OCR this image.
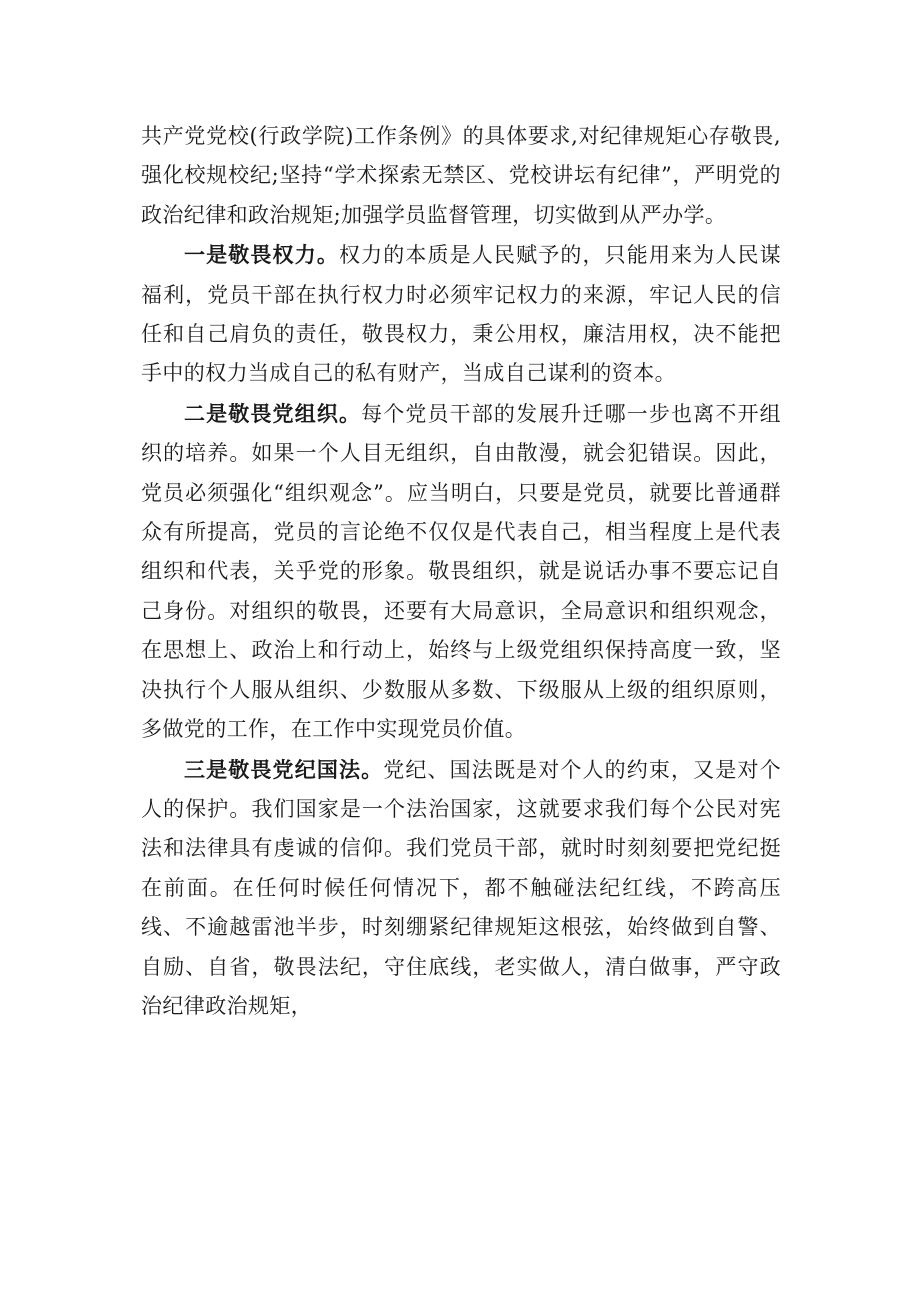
共产党党校(行政学院)工作条例》的具体要求,对纪律规矩心存敬畏,强化校规校纪;坚持“学术探索无禁区、党校讲坛有纪律”，严明党的政治纪律和政治规矩;加强学员监督管理，切实做到从严办学。

一是敬畏权力。权力的本质是人民赋予的，只能用来为人民谋福利，党员干部在执行权力时必须牢记权力的来源，牢记人民的信任和自己肩负的责任，敬畏权力，秉公用权，廉洁用权，决不能把手中的权力当成自己的私有财产，当成自己谋利的资本。

二是敬畏党组织。每个党员干部的发展升迁哪一步也离不开组织的培养。如果一个人目无组织，自由散漫，就会犯错误。因此，党员必须强化“组织观念”。应当明白，只要是党员，就要比普通群众有所提高，党员的言论绝不仅仅是代表自己，相当程度上是代表组织和代表，关乎党的形象。敬畏组织，就是说话办事不要忘记自己身份。对组织的敬畏，还要有大局意识，全局意识和组织观念，在思想上、政治上和行动上，始终与上级党组织保持高度一致，坚决执行个人服从组织、少数服从多数、下级服从上级的组织原则，多做党的工作，在工作中实现党员价值。

三是敬畏党纪国法。党纪、国法既是对个人的约束，又是对个人的保护。我们国家是一个法治国家，这就要求我们每个公民对宪法和法律具有虔诚的信仰。我们党员干部，就时时刻刻要把党纪挺在前面。在任何时候任何情况下，都不触碰法纪红线，不跨高压线、不逾越雷池半步，时刻绷紧纪律规矩这根弦，始终做到自警、自励、自省，敬畏法纪，守住底线，老实做人，清白做事，严守政治纪律政治规矩，
